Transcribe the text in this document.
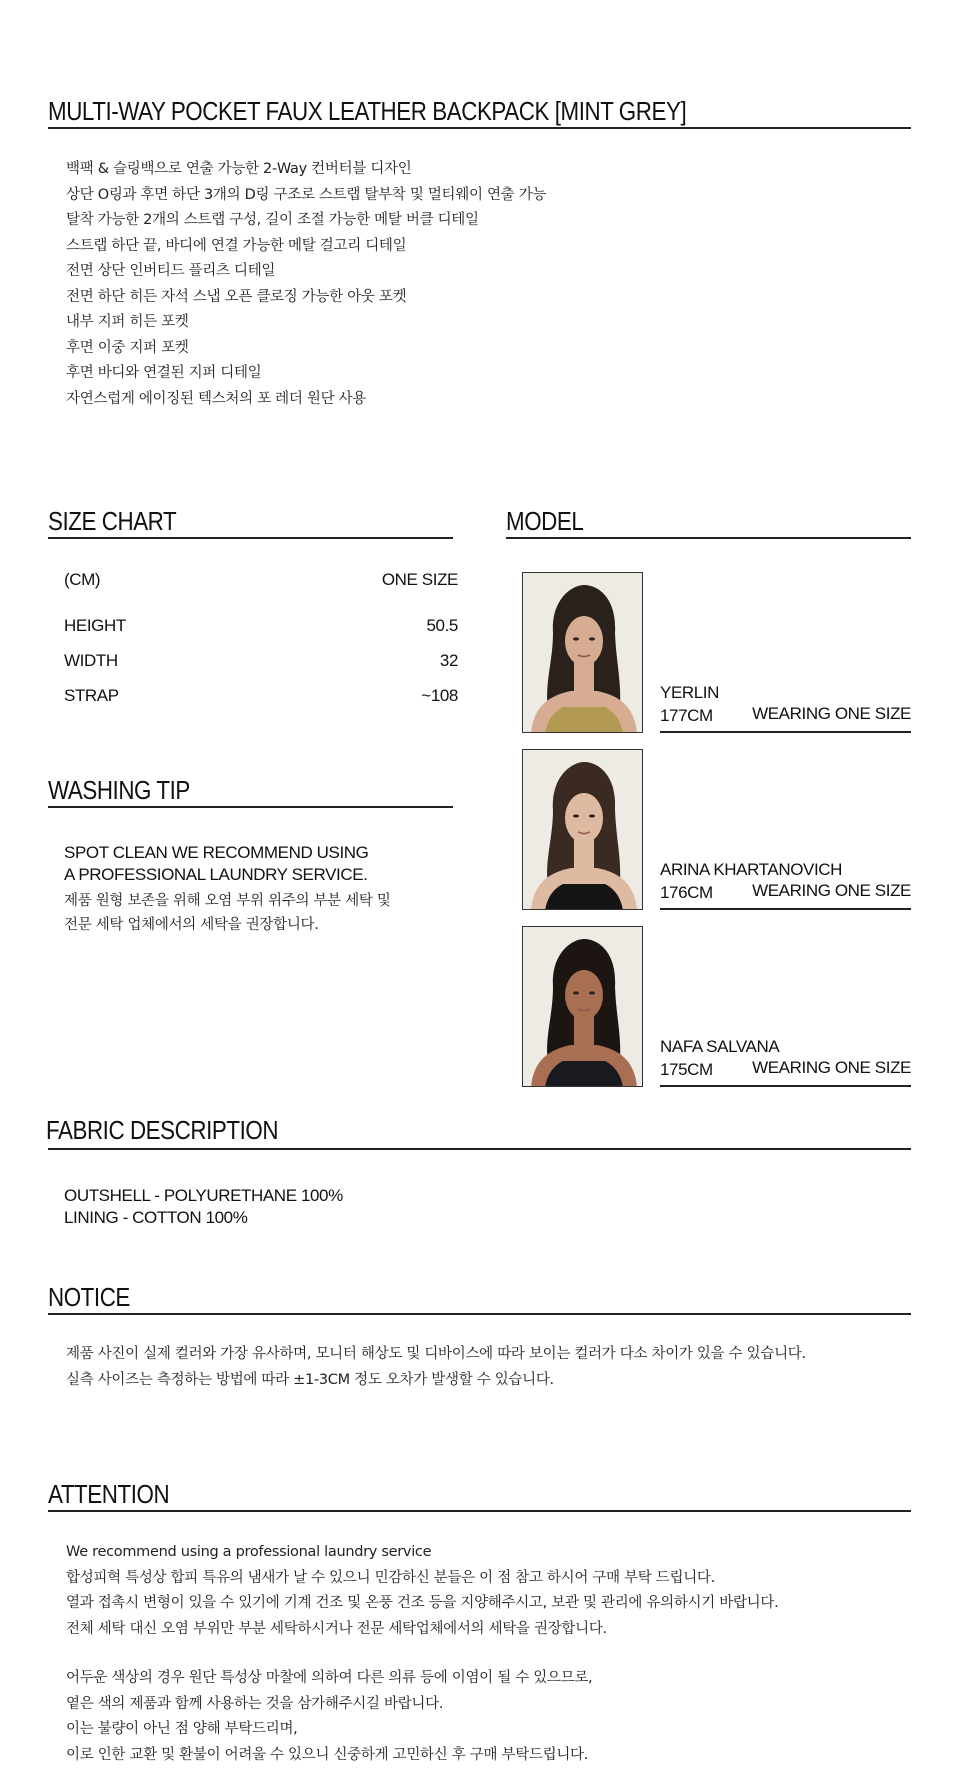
MULTI-WAY POCKET FAUX LEATHER BACKPACK [MINT GREY]
백팩 & 슬링백으로 연출 가능한 2-Way 컨버터블 디자인
상단 O링과 후면 하단 3개의 D링 구조로 스트랩 탈부착 및 멀티웨이 연출 가능
탈착 가능한 2개의 스트랩 구성, 길이 조절 가능한 메탈 버클 디테일
스트랩 하단 끝, 바디에 연결 가능한 메탈 걸고리 디테일
전면 상단 인버티드 플리츠 디테일
전면 하단 히든 자석 스냅 오픈 클로징 가능한 아웃 포켓
내부 지퍼 히든 포켓
후면 이중 지퍼 포켓
후면 바디와 연결된 지퍼 디테일
자연스럽게 에이징된 텍스처의 포 레더 원단 사용
SIZE CHART
(CM)	ONE SIZE
HEIGHT	50.5
WIDTH	32
STRAP	~108
WASHING TIP
SPOT CLEAN WE RECOMMEND USING
A PROFESSIONAL LAUNDRY SERVICE.
제품 원형 보존을 위해 오염 부위 위주의 부분 세탁 및
전문 세탁 업체에서의 세탁을 권장합니다.
MODEL
YERLIN
177CM WEARING ONE SIZE
ARINA KHARTANOVICH
176CM WEARING ONE SIZE
NAFA SALVANA
175CM WEARING ONE SIZE
FABRIC DESCRIPTION
OUTSHELL - POLYURETHANE 100%
LINING - COTTON 100%
NOTICE
제품 사진이 실제 컬러와 가장 유사하며, 모니터 해상도 및 디바이스에 따라 보이는 컬러가 다소 차이가 있을 수 있습니다.
실측 사이즈는 측정하는 방법에 따라 ±1-3CM 정도 오차가 발생할 수 있습니다.
ATTENTION
We recommend using a professional laundry service
합성피혁 특성상 합피 특유의 냄새가 날 수 있으니 민감하신 분들은 이 점 참고 하시어 구매 부탁 드립니다.
열과 접촉시 변형이 있을 수 있기에 기계 건조 및 온풍 건조 등을 지양해주시고, 보관 및 관리에 유의하시기 바랍니다.
전체 세탁 대신 오염 부위만 부분 세탁하시거나 전문 세탁업체에서의 세탁을 권장합니다.
어두운 색상의 경우 원단 특성상 마찰에 의하여 다른 의류 등에 이염이 될 수 있으므로,
옅은 색의 제품과 함께 사용하는 것을 삼가해주시길 바랍니다.
이는 불량이 아닌 점 양해 부탁드리며,
이로 인한 교환 및 환불이 어려울 수 있으니 신중하게 고민하신 후 구매 부탁드립니다.
